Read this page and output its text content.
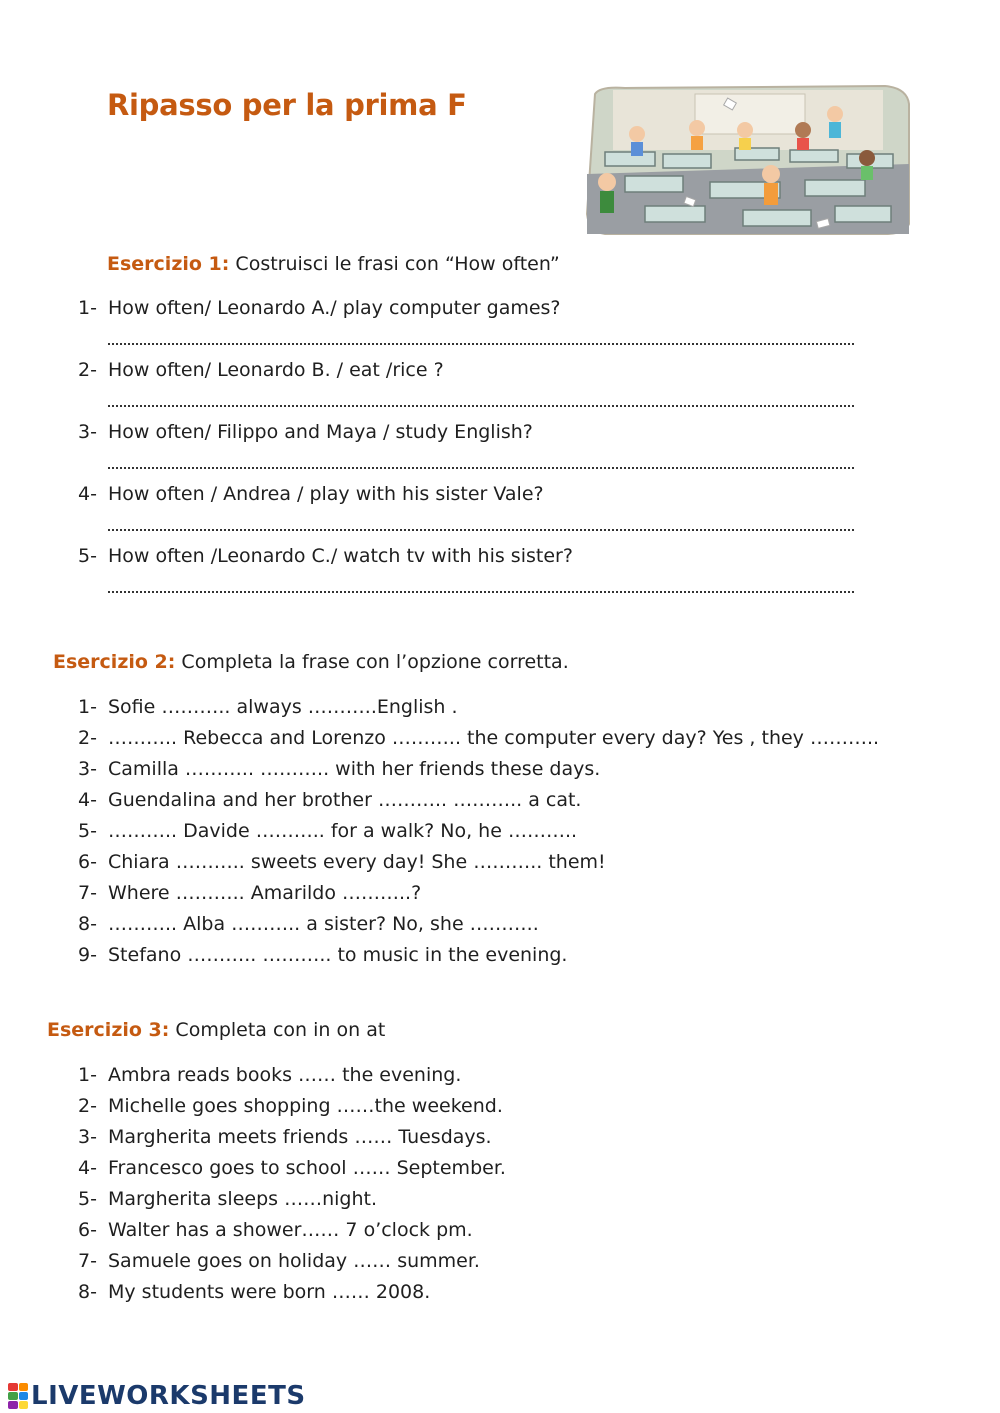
Ripasso per la prima F
Esercizio 1: Costruisci le frasi con “How often”
1- How often/ Leonardo A./ play computer games?
2- How often/ Leonardo B. / eat /rice ?
3- How often/ Filippo and Maya / study English?
4- How often / Andrea / play with his sister Vale?
5- How often /Leonardo C./ watch tv with his sister?
Esercizio 2: Completa la frase con l’opzione corretta.
1- Sofie ……….. always ………..English .
2- ……….. Rebecca and Lorenzo ……….. the computer every day? Yes , they ………..
3- Camilla ……….. ……….. with her friends these days.
4- Guendalina and her brother ……….. ……….. a cat.
5- ……….. Davide ……….. for a walk? No, he ………..
6- Chiara ……….. sweets every day! She ……….. them!
7- Where ……….. Amarildo ………..?
8- ……….. Alba ……….. a sister? No, she ………..
9- Stefano ……….. ……….. to music in the evening.
Esercizio 3: Completa con in on at
1- Ambra reads books …… the evening.
2- Michelle goes shopping ……the weekend.
3- Margherita meets friends …… Tuesdays.
4- Francesco goes to school …… September.
5- Margherita sleeps ……night.
6- Walter has a shower…… 7 o’clock pm.
7- Samuele goes on holiday …… summer.
8- My students were born …… 2008.
LIVEWORKSHEETS
